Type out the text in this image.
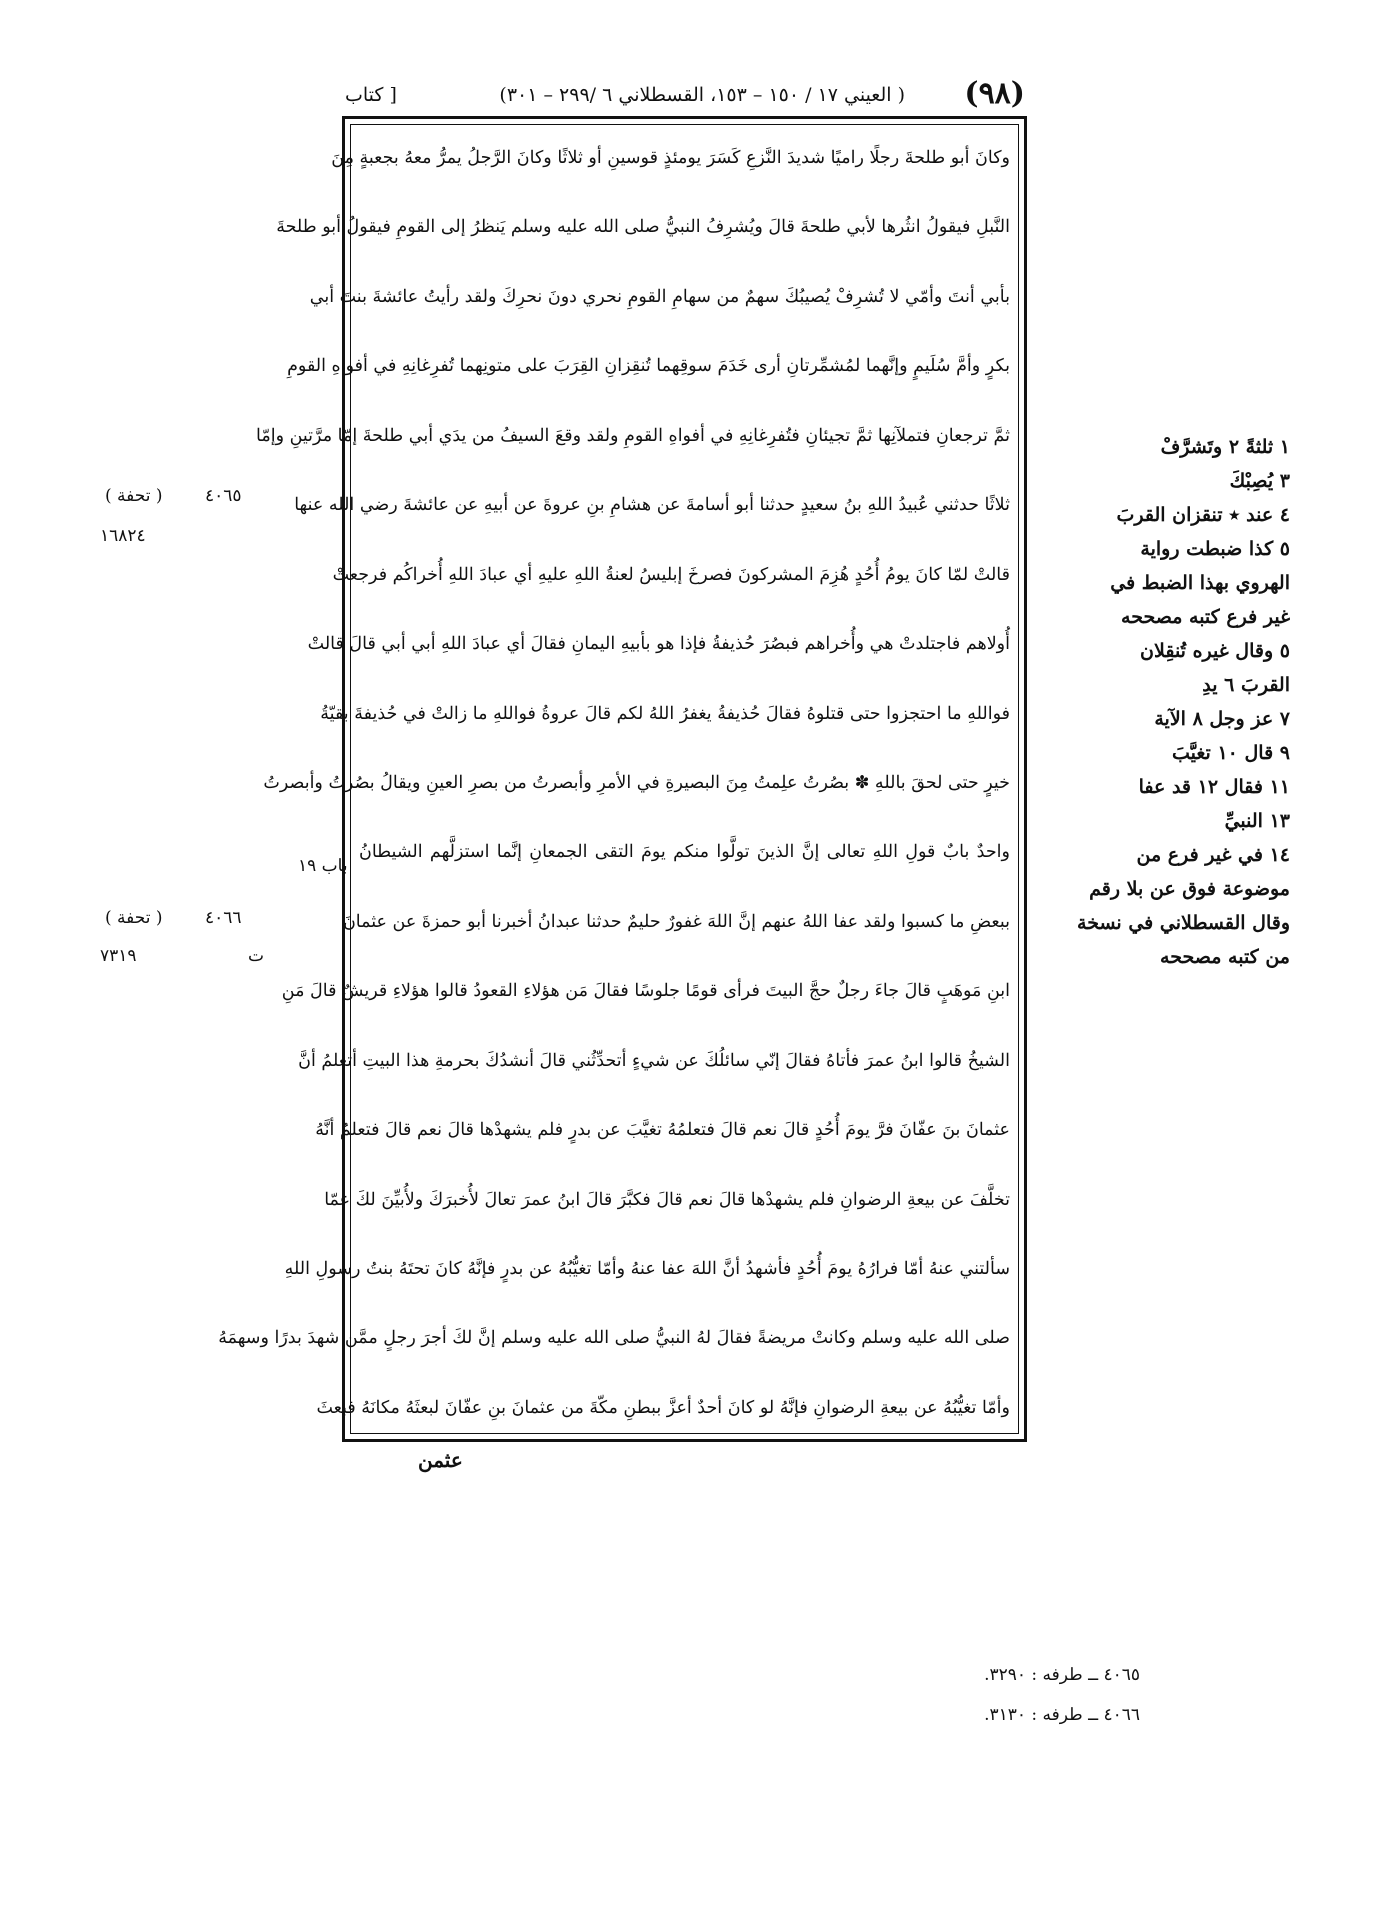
(٩٨)
( العيني ١٧ / ١٥٠ – ١٥٣، القسطلاني ٦ /٢٩٩ – ٣٠١)
[ كتاب
وكانَ أبو طلحةَ رجلًا راميًا شديدَ النَّزعِ كَسَرَ يومئذٍ قوسينِ أو ثلاثًا وكانَ الرَّجلُ يمرُّ معهُ بجعبةٍ مِنَ
النَّبلِ فيقولُ انثُرها لأبي طلحةَ قالَ ويُشرِفُ النبيُّ صلى الله عليه وسلم يَنظرُ إلى القومِ فيقولُ أبو طلحةَ
بأبي أنتَ وأمّي لا تُشرِفْ يُصيبُكَ سهمٌ من سهامِ القومِ نحري دونَ نحرِكَ ولقد رأيتُ عائشةَ بنتَ أبي
بكرٍ وأمَّ سُلَيمٍ وإنَّهما لمُشمِّرتانِ أرى خَدَمَ سوقِهما تُنقِزانِ القِرَبَ على متونِهما تُفرِغانِهِ في أفواهِ القومِ
ثمَّ ترجعانِ فتملآنِها ثمَّ تجيئانِ فتُفرِغانِهِ في أفواهِ القومِ ولقد وقعَ السيفُ من يدَي أبي طلحةَ إمّا مرَّتينِ وإمّا
ثلاثًا حدثني عُبيدُ اللهِ بنُ سعيدٍ حدثنا أبو أسامةَ عن هشامِ بنِ عروةَ عن أبيهِ عن عائشةَ رضي الله عنها
قالتْ لمّا كانَ يومُ أُحُدٍ هُزِمَ المشركونَ فصرخَ إبليسُ لعنةُ اللهِ عليهِ أي عبادَ اللهِ أُخراكُم فرجعتْ
أُولاهم فاجتلدتْ هي وأُخراهم فبصُرَ حُذيفةُ فإذا هو بأبيهِ اليمانِ فقالَ أي عبادَ اللهِ أبي أبي قالَ قالتْ
فواللهِ ما احتجزوا حتى قتلوهُ فقالَ حُذيفةُ يغفرُ اللهُ لكم قالَ عروةُ فواللهِ ما زالتْ في حُذيفةَ بقيّةُ
خيرٍ حتى لحقَ باللهِ ✽ بصُرتُ علِمتُ مِنَ البصيرةِ في الأمرِ وأبصرتُ من بصرِ العينِ ويقالُ بصُرتُ وأبصرتُ
واحدٌ بابٌ قولِ اللهِ تعالى إنَّ الذينَ تولَّوا منكم يومَ التقى الجمعانِ إنَّما استزلَّهم الشيطانُ
ببعضِ ما كسبوا ولقد عفا اللهُ عنهم إنَّ اللهَ غفورٌ حليمٌ حدثنا عبدانُ أخبرنا أبو حمزةَ عن عثمانَ
ابنِ مَوهَبٍ قالَ جاءَ رجلٌ حجَّ البيتَ فرأى قومًا جلوسًا فقالَ مَن هؤلاءِ القعودُ قالوا هؤلاءِ قريشٌ قالَ مَنِ
الشيخُ قالوا ابنُ عمرَ فأتاهُ فقالَ إنّي سائلُكَ عن شيءٍ أتحدِّثُني قالَ أنشدُكَ بحرمةِ هذا البيتِ أتعلمُ أنَّ
عثمانَ بنَ عفّانَ فرَّ يومَ أُحُدٍ قالَ نعم قالَ فتعلمُهُ تغيَّبَ عن بدرٍ فلم يشهدْها قالَ نعم قالَ فتعلمُ أنَّهُ
تخلَّفَ عن بيعةِ الرضوانِ فلم يشهدْها قالَ نعم قالَ فكبَّرَ قالَ ابنُ عمرَ تعالَ لأُخبرَكَ ولأُبيِّنَ لكَ عمّا
سألتني عنهُ أمّا فرارُهُ يومَ أُحُدٍ فأشهدُ أنَّ اللهَ عفا عنهُ وأمّا تغيُّبُهُ عن بدرٍ فإنَّهُ كانَ تحتَهُ بنتُ رسولِ اللهِ
صلى الله عليه وسلم وكانتْ مريضةً فقالَ لهُ النبيُّ صلى الله عليه وسلم إنَّ لكَ أجرَ رجلٍ ممَّن شهدَ بدرًا وسهمَهُ
وأمّا تغيُّبُهُ عن بيعةِ الرضوانِ فإنَّهُ لو كانَ أحدٌ أعزَّ ببطنِ مكّةَ من عثمانَ بنِ عفّانَ لبعثَهُ مكانَهُ فبعثَ
عثمن
١ ثلثةً ٢ وتَشرَّفْ
٣ يُصِبْكَ
٤ عند ٭ تنقزان القربَ
٥ كذا ضبطت رواية
الهروي بهذا الضبط في
غير فرع كتبه مصححه
٥ وقال غيره تُنقِلان
القربَ ٦ يدِ
٧ عز وجل ٨ الآية
٩ قال ١٠ تغيَّبَ
١١ فقال ١٢ قد عفا
١٣ النبيِّ
١٤ في غير فرع من
موضوعة فوق عن بلا رقم
وقال القسطلاني في نسخة
من كتبه مصححه
( تحفة )	٤٠٦٥
١٦٨٢٤
باب ١٩
( تحفة )	٤٠٦٦
٧٣١٩	ت
٤٠٦٥ ــ طرفه : ٣٢٩٠.
٤٠٦٦ ــ طرفه : ٣١٣٠.
